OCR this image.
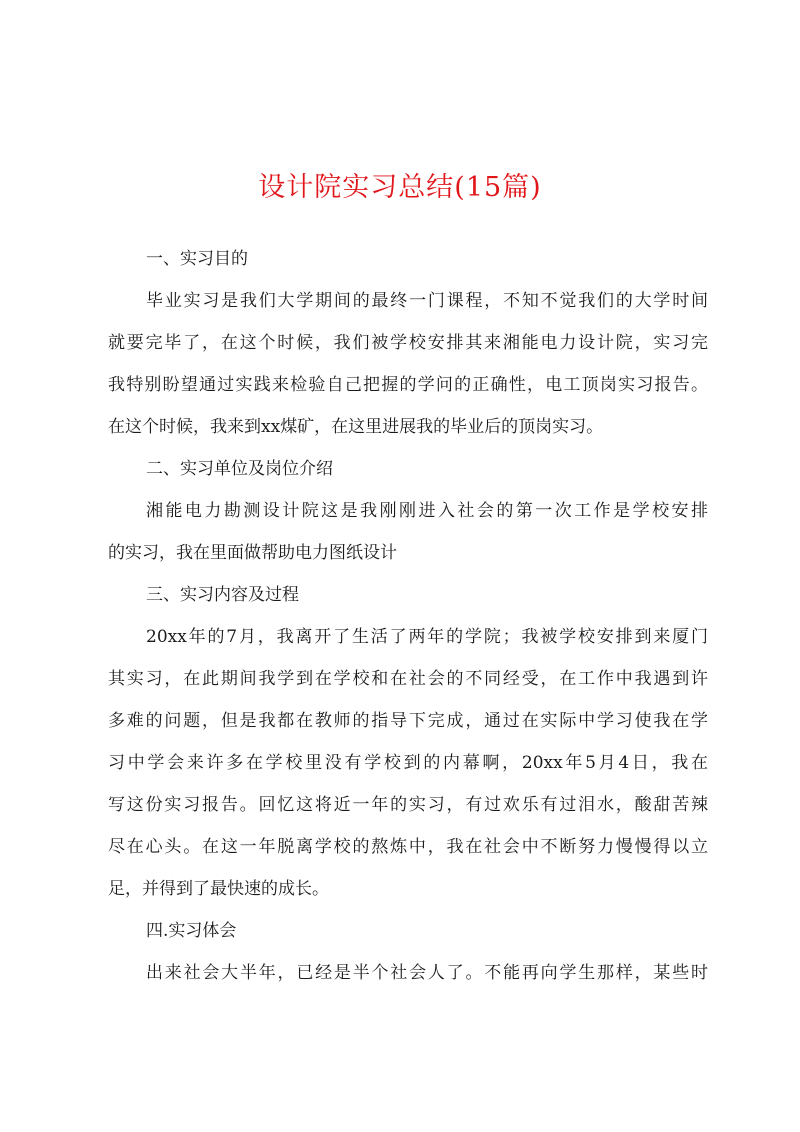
设计院实习总结(15篇)
一、实习目的
毕业实习是我们大学期间的最终一门课程，不知不觉我们的大学时间
就要完毕了，在这个时候，我们被学校安排其来湘能电力设计院，实习完
我特别盼望通过实践来检验自己把握的学问的正确性，电工顶岗实习报告。
在这个时候，我来到xx煤矿，在这里进展我的毕业后的顶岗实习。
二、实习单位及岗位介绍
湘能电力勘测设计院这是我刚刚进入社会的第一次工作是学校安排
的实习，我在里面做帮助电力图纸设计
三、实习内容及过程
20xx年的7月，我离开了生活了两年的学院；我被学校安排到来厦门
其实习，在此期间我学到在学校和在社会的不同经受，在工作中我遇到许
多难的问题，但是我都在教师的指导下完成，通过在实际中学习使我在学
习中学会来许多在学校里没有学校到的内幕啊，20xx年5月4日，我在
写这份实习报告。回忆这将近一年的实习，有过欢乐有过泪水，酸甜苦辣
尽在心头。在这一年脱离学校的熬炼中，我在社会中不断努力慢慢得以立
足，并得到了最快速的成长。
四.实习体会
出来社会大半年，已经是半个社会人了。不能再向学生那样，某些时
